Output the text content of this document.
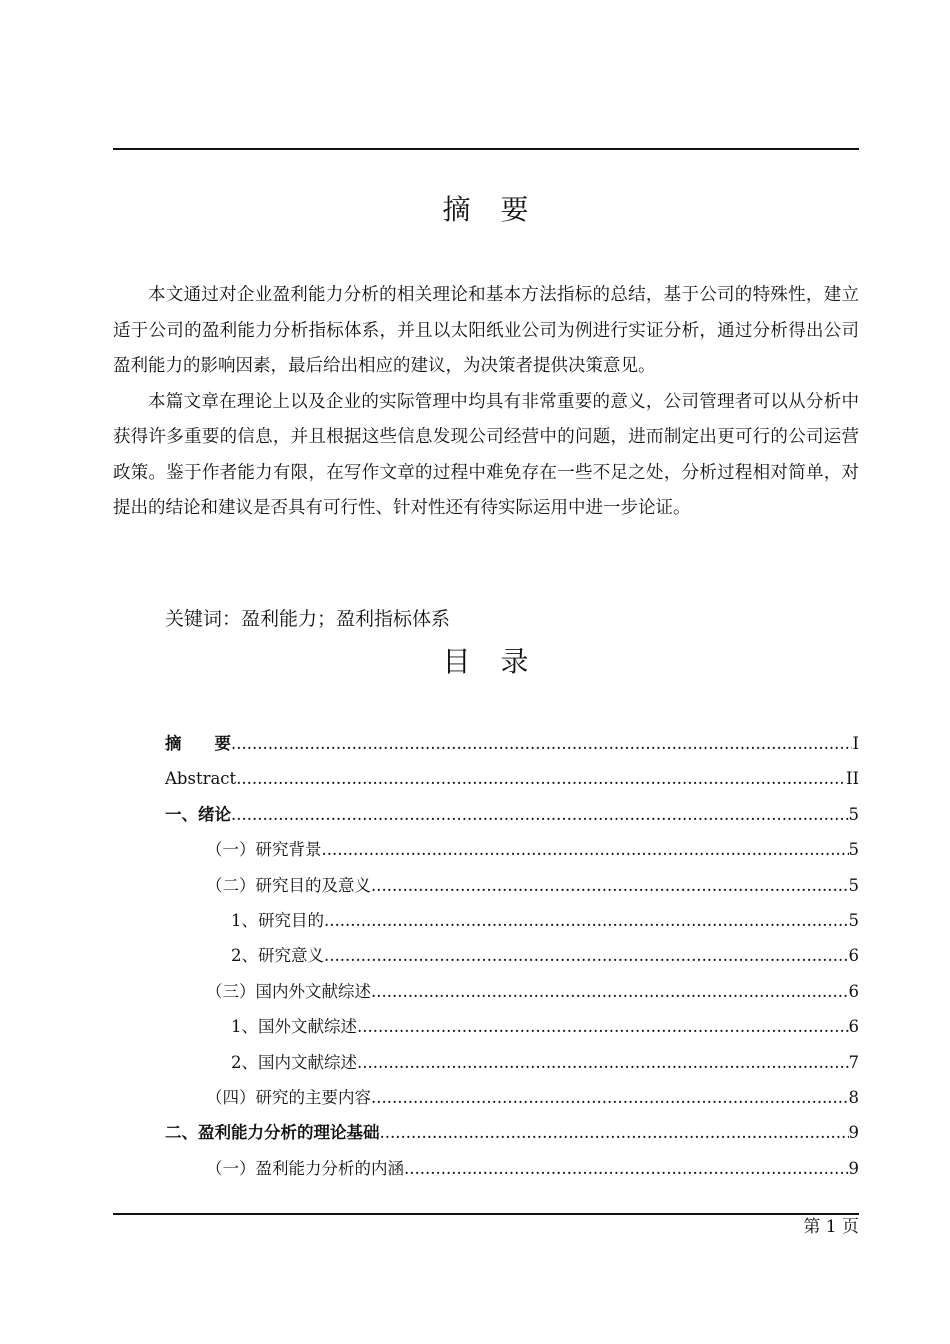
摘　要

本文通过对企业盈利能力分析的相关理论和基本方法指标的总结，基于公司的特殊性，建立适于公司的盈利能力分析指标体系，并且以太阳纸业公司为例进行实证分析，通过分析得出公司盈利能力的影响因素，最后给出相应的建议，为决策者提供决策意见。

本篇文章在理论上以及企业的实际管理中均具有非常重要的意义，公司管理者可以从分析中获得许多重要的信息，并且根据这些信息发现公司经营中的问题，进而制定出更可行的公司运营政策。鉴于作者能力有限，在写作文章的过程中难免存在一些不足之处，分析过程相对简单，对提出的结论和建议是否具有可行性、针对性还有待实际运用中进一步论证。

关键词：盈利能力；盈利指标体系
目　录
摘　　要 .....	I
Abstract .....	II
一、绪论 .....	5
（一）研究背景 .....	5
（二）研究目的及意义 .....	5
1、研究目的 .....	5
2、研究意义 .....	6
（三）国内外文献综述 .....	6
1、国外文献综述 .....	6
2、国内文献综述 .....	7
（四）研究的主要内容 .....	8
二、盈利能力分析的理论基础 .....	9
（一）盈利能力分析的内涵 .....	9
第 1 页
